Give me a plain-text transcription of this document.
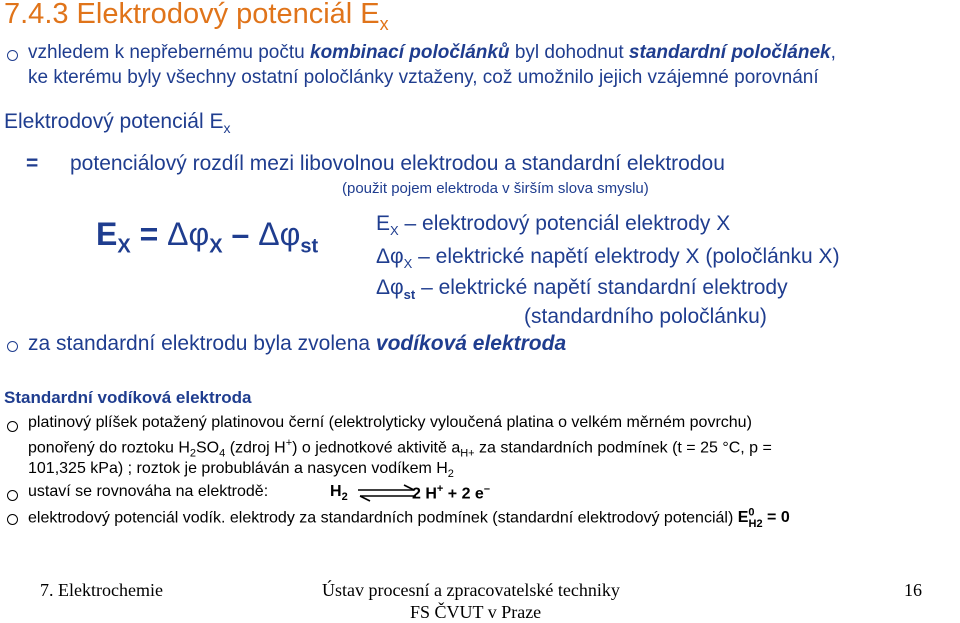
7.4.3 Elektrodový potenciál $E_x$
vzhledem k nepřebernému počtu kombinací poločlánků byl dohodnut standardní poločlánek,
ke kterému byly všechny ostatní poločlánky vztaženy, což umožnilo jejich vzájemné porovnání
Elektrodový potenciál $E_x$
= potenciálový rozdíl mezi libovolnou elektrodou a standardní elektrodou
(použit pojem elektroda v širším slova smyslu)
$E_X = \Delta\varphi_X - \Delta\varphi_{st}$
$E_X$ – elektrodový potenciál elektrody X
$\Delta\varphi_X$ – elektrické napětí elektrody X (poločlánku X)
$\Delta\varphi_{st}$ – elektrické napětí standardní elektrody
(standardního poločlánku)
za standardní elektrodu byla zvolena vodíková elektroda
Standardní vodíková elektroda
platinový plíšek potažený platinovou černí (elektrolyticky vyloučená platina o velkém měrném povrchu)
ponořený do roztoku $H_2SO_4$ (zdroj H+) o jednotkové aktivitě $a_{H+}$ za standardních podmínek (t = 25 °C, p =
101,325 kPa) ; roztok je probubláván a nasycen vodíkem $H_2$
ustaví se rovnováha na elektrodě:	$H_2$ ⇌
2 H+ + 2 e–
elektrodový potenciál vodík. elektrody za standardních podmínek (standardní elektrodový potenciál) $E^0_{H2} = 0$
7. Elektrochemie	Ústav procesní a zpracovatelské techniky
FS ČVUT v Praze
16
